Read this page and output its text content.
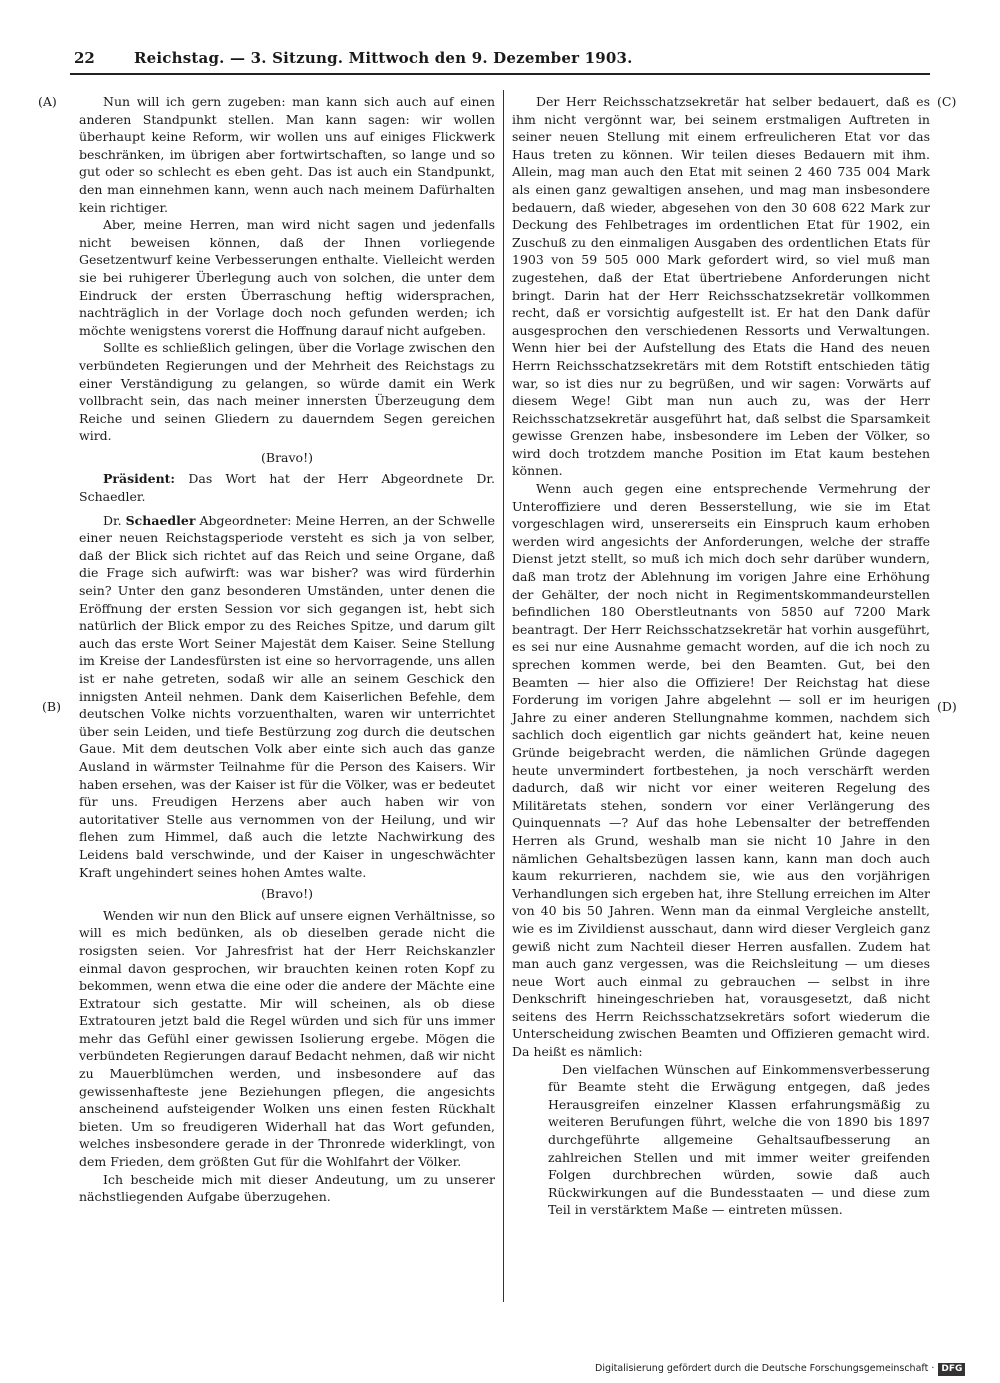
22	Reichstag. — 3. Sitzung. Mittwoch den 9. Dezember 1903.
(A)
(B)
(C)
(D)

Nun will ich gern zugeben: man kann sich auch auf einen anderen Standpunkt stellen. Man kann sagen: wir wollen überhaupt keine Reform, wir wollen uns auf einiges Flickwerk beschränken, im übrigen aber fortwirtschaften, so lange und so gut oder so schlecht es eben geht. Das ist auch ein Standpunkt, den man einnehmen kann, wenn auch nach meinem Dafürhalten kein richtiger.

Aber, meine Herren, man wird nicht sagen und jedenfalls nicht beweisen können, daß der Ihnen vorliegende Gesetzentwurf keine Verbesserungen enthalte. Vielleicht werden sie bei ruhigerer Überlegung auch von solchen, die unter dem Eindruck der ersten Überraschung heftig widersprachen, nachträglich in der Vorlage doch noch gefunden werden; ich möchte wenigstens vorerst die Hoffnung darauf nicht aufgeben.

Sollte es schließlich gelingen, über die Vorlage zwischen den verbündeten Regierungen und der Mehrheit des Reichstags zu einer Verständigung zu gelangen, so würde damit ein Werk vollbracht sein, das nach meiner innersten Überzeugung dem Reiche und seinen Gliedern zu dauerndem Segen gereichen wird.

(Bravo!)

Präsident: Das Wort hat der Herr Abgeordnete Dr. Schaedler.

Dr. Schaedler Abgeordneter: Meine Herren, an der Schwelle einer neuen Reichstagsperiode versteht es sich ja von selber, daß der Blick sich richtet auf das Reich und seine Organe, daß die Frage sich aufwirft: was war bisher? was wird fürderhin sein? Unter den ganz besonderen Umständen, unter denen die Eröffnung der ersten Session vor sich gegangen ist, hebt sich natürlich der Blick empor zu des Reiches Spitze, und darum gilt auch das erste Wort Seiner Majestät dem Kaiser. Seine Stellung im Kreise der Landesfürsten ist eine so hervorragende, uns allen ist er nahe getreten, sodaß wir alle an seinem Geschick den innigsten Anteil nehmen. Dank dem Kaiserlichen Befehle, dem deutschen Volke nichts vorzuenthalten, waren wir unterrichtet über sein Leiden, und tiefe Bestürzung zog durch die deutschen Gaue. Mit dem deutschen Volk aber einte sich auch das ganze Ausland in wärmster Teilnahme für die Person des Kaisers. Wir haben ersehen, was der Kaiser ist für die Völker, was er bedeutet für uns. Freudigen Herzens aber auch haben wir von autoritativer Stelle aus vernommen von der Heilung, und wir flehen zum Himmel, daß auch die letzte Nachwirkung des Leidens bald verschwinde, und der Kaiser in ungeschwächter Kraft ungehindert seines hohen Amtes walte.

(Bravo!)

Wenden wir nun den Blick auf unsere eignen Verhältnisse, so will es mich bedünken, als ob dieselben gerade nicht die rosigsten seien. Vor Jahresfrist hat der Herr Reichskanzler einmal davon gesprochen, wir brauchten keinen roten Kopf zu bekommen, wenn etwa die eine oder die andere der Mächte eine Extratour sich gestatte. Mir will scheinen, als ob diese Extratouren jetzt bald die Regel würden und sich für uns immer mehr das Gefühl einer gewissen Isolierung ergebe. Mögen die verbündeten Regierungen darauf Bedacht nehmen, daß wir nicht zu Mauerblümchen werden, und insbesondere auf das gewissenhafteste jene Beziehungen pflegen, die angesichts anscheinend aufsteigender Wolken uns einen festen Rückhalt bieten. Um so freudigeren Widerhall hat das Wort gefunden, welches insbesondere gerade in der Thronrede widerklingt, von dem Frieden, dem größten Gut für die Wohlfahrt der Völker.

Ich bescheide mich mit dieser Andeutung, um zu unserer nächstliegenden Aufgabe überzugehen.

Der Herr Reichsschatzsekretär hat selber bedauert, daß es ihm nicht vergönnt war, bei seinem erstmaligen Auftreten in seiner neuen Stellung mit einem erfreulicheren Etat vor das Haus treten zu können. Wir teilen dieses Bedauern mit ihm. Allein, mag man auch den Etat mit seinen 2 460 735 004 Mark als einen ganz gewaltigen ansehen, und mag man insbesondere bedauern, daß wieder, abgesehen von den 30 608 622 Mark zur Deckung des Fehlbetrages im ordentlichen Etat für 1902, ein Zuschuß zu den einmaligen Ausgaben des ordentlichen Etats für 1903 von 59 505 000 Mark gefordert wird, so viel muß man zugestehen, daß der Etat übertriebene Anforderungen nicht bringt. Darin hat der Herr Reichsschatzsekretär vollkommen recht, daß er vorsichtig aufgestellt ist. Er hat den Dank dafür ausgesprochen den verschiedenen Ressorts und Verwaltungen. Wenn hier bei der Aufstellung des Etats die Hand des neuen Herrn Reichsschatzsekretärs mit dem Rotstift entschieden tätig war, so ist dies nur zu begrüßen, und wir sagen: Vorwärts auf diesem Wege! Gibt man nun auch zu, was der Herr Reichsschatzsekretär ausgeführt hat, daß selbst die Sparsamkeit gewisse Grenzen habe, insbesondere im Leben der Völker, so wird doch trotzdem manche Position im Etat kaum bestehen können.

Wenn auch gegen eine entsprechende Vermehrung der Unteroffiziere und deren Besserstellung, wie sie im Etat vorgeschlagen wird, unsererseits ein Einspruch kaum erhoben werden wird angesichts der Anforderungen, welche der straffe Dienst jetzt stellt, so muß ich mich doch sehr darüber wundern, daß man trotz der Ablehnung im vorigen Jahre eine Erhöhung der Gehälter, der noch nicht in Regimentskommandeurstellen befindlichen 180 Oberstleutnants von 5850 auf 7200 Mark beantragt. Der Herr Reichsschatzsekretär hat vorhin ausgeführt, es sei nur eine Ausnahme gemacht worden, auf die ich noch zu sprechen kommen werde, bei den Beamten. Gut, bei den Beamten — hier also die Offiziere! Der Reichstag hat diese Forderung im vorigen Jahre abgelehnt — soll er im heurigen Jahre zu einer anderen Stellungnahme kommen, nachdem sich sachlich doch eigentlich gar nichts geändert hat, keine neuen Gründe beigebracht werden, die nämlichen Gründe dagegen heute unvermindert fortbestehen, ja noch verschärft werden dadurch, daß wir nicht vor einer weiteren Regelung des Militäretats stehen, sondern vor einer Verlängerung des Quinquennats —? Auf das hohe Lebensalter der betreffenden Herren als Grund, weshalb man sie nicht 10 Jahre in den nämlichen Gehaltsbezügen lassen kann, kann man doch auch kaum rekurrieren, nachdem sie, wie aus den vorjährigen Verhandlungen sich ergeben hat, ihre Stellung erreichen im Alter von 40 bis 50 Jahren. Wenn man da einmal Vergleiche anstellt, wie es im Zivildienst ausschaut, dann wird dieser Vergleich ganz gewiß nicht zum Nachteil dieser Herren ausfallen. Zudem hat man auch ganz vergessen, was die Reichsleitung — um dieses neue Wort auch einmal zu gebrauchen — selbst in ihre Denkschrift hineingeschrieben hat, vorausgesetzt, daß nicht seitens des Herrn Reichsschatzsekretärs sofort wiederum die Unterscheidung zwischen Beamten und Offizieren gemacht wird. Da heißt es nämlich:

Den vielfachen Wünschen auf Einkommensverbesserung für Beamte steht die Erwägung entgegen, daß jedes Herausgreifen einzelner Klassen erfahrungsmäßig zu weiteren Berufungen führt, welche die von 1890 bis 1897 durchgeführte allgemeine Gehaltsaufbesserung an zahlreichen Stellen und mit immer weiter greifenden Folgen durchbrechen würden, sowie daß auch Rückwirkungen auf die Bundesstaaten — und diese zum Teil in verstärktem Maße — eintreten müssen.

Digitalisierung gefördert durch die Deutsche Forschungsgemeinschaft · DFG
